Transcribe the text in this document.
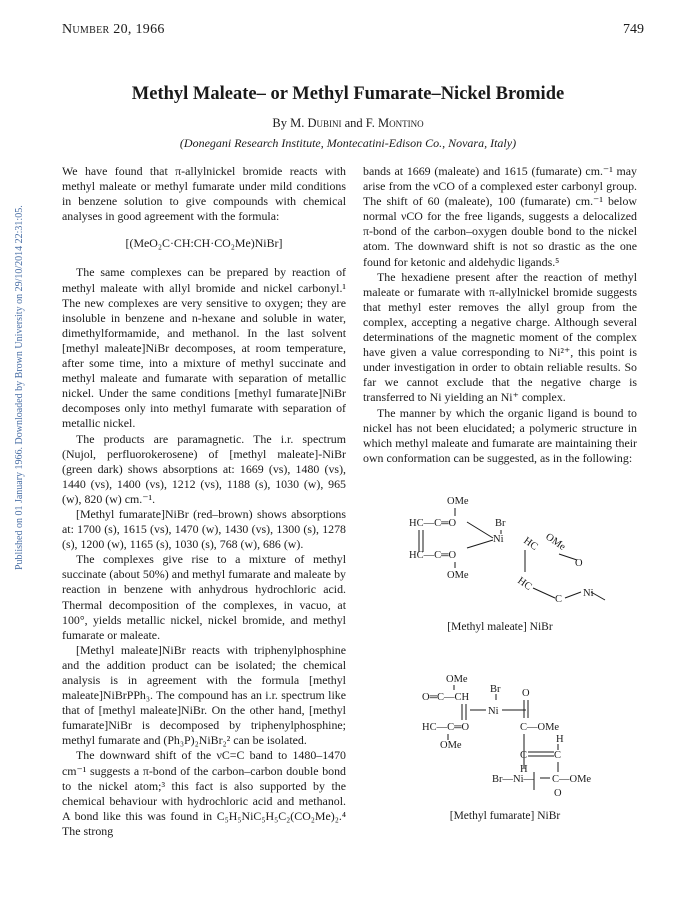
Number 20, 1966	749
Published on 01 January 1966. Downloaded by Brown University on 29/10/2014 22:31:05.
Methyl Maleate– or Methyl Fumarate–Nickel Bromide
By M. Dubini and F. Montino
(Donegani Research Institute, Montecatini-Edison Co., Novara, Italy)

We have found that π-allylnickel bromide reacts with methyl maleate or methyl fumarate under mild conditions in benzene solution to give compounds with chemical analyses in good agreement with the formula:

[(MeO₂C·CH:CH·CO₂Me)NiBr]

The same complexes can be prepared by reaction of methyl maleate with allyl bromide and nickel carbonyl.¹ The new complexes are very sensitive to oxygen; they are insoluble in benzene and n-hexane and soluble in water, dimethylformamide, and methanol. In the last solvent [methyl maleate]NiBr decomposes, at room temperature, after some time, into a mixture of methyl succinate and methyl maleate and fumarate with separation of metallic nickel. Under the same conditions [methyl fumarate]NiBr decomposes only into methyl fumarate with separation of metallic nickel.

The products are paramagnetic. The i.r. spectrum (Nujol, perfluorokerosene) of [methyl maleate]-NiBr (green dark) shows absorptions at: 1669 (vs), 1480 (vs), 1440 (vs), 1400 (vs), 1212 (vs), 1188 (s), 1030 (w), 965 (w), 820 (w) cm.⁻¹.

[Methyl fumarate]NiBr (red–brown) shows absorptions at: 1700 (s), 1615 (vs), 1470 (w), 1430 (vs), 1300 (s), 1278 (s), 1200 (w), 1165 (s), 1030 (s), 768 (w), 686 (w).

The complexes give rise to a mixture of methyl succinate (about 50%) and methyl fumarate and maleate by reaction in benzene with anhydrous hydrochloric acid. Thermal decomposition of the complexes, in vacuo, at 100°, yields metallic nickel, nickel bromide, and methyl fumarate or maleate.

[Methyl maleate]NiBr reacts with triphenylphosphine and the addition product can be isolated; the chemical analysis is in agreement with the formula [methyl maleate]NiBrPPh₃. The compound has an i.r. spectrum like that of [methyl maleate]NiBr. On the other hand, [methyl fumarate]NiBr is decomposed by triphenylphosphine; methyl fumarate and (Ph₃P)₂NiBr₂² can be isolated.

The downward shift of the νC=C band to 1480–1470 cm⁻¹ suggests a π-bond of the carbon–carbon double bond to the nickel atom;³ this fact is also supported by the chemical behaviour with hydrochloric acid and methanol. A bond like this was found in C₅H₅NiC₅H₅C₂(CO₂Me)₂.⁴ The strong

bands at 1669 (maleate) and 1615 (fumarate) cm.⁻¹ may arise from the νCO of a complexed ester carbonyl group. The shift of 60 (maleate), 100 (fumarate) cm.⁻¹ below normal νCO for the free ligands, suggests a delocalized π-bond of the carbon–oxygen double bond to the nickel atom. The downward shift is not so drastic as the one found for ketonic and aldehydic ligands.⁵

The hexadiene present after the reaction of methyl maleate or fumarate with π-allylnickel bromide suggests that methyl ester removes the allyl group from the complex, accepting a negative charge. Although several determinations of the magnetic moment of the complex have given a value corresponding to Ni²⁺, this point is under investigation in order to obtain reliable results. So far we cannot exclude that the negative charge is transferred to Ni yielding an Ni⁺ complex.

The manner by which the organic ligand is bound to nickel has not been elucidated; a polymeric structure in which methyl maleate and fumarate are maintaining their own conformation can be suggested, as in the following:

OMe
HC—C═O	Br
Ni
HC—C═O
OMe
HC OMe
HC
C
Ni
O
[Methyl maleate] NiBr
OMe
O═C—CH
Br
Ni
O
HC—C═O	C—OMe
OMe
H
C	C
H
C—OMe
Br—Ni—
O
[Methyl fumarate] NiBr
